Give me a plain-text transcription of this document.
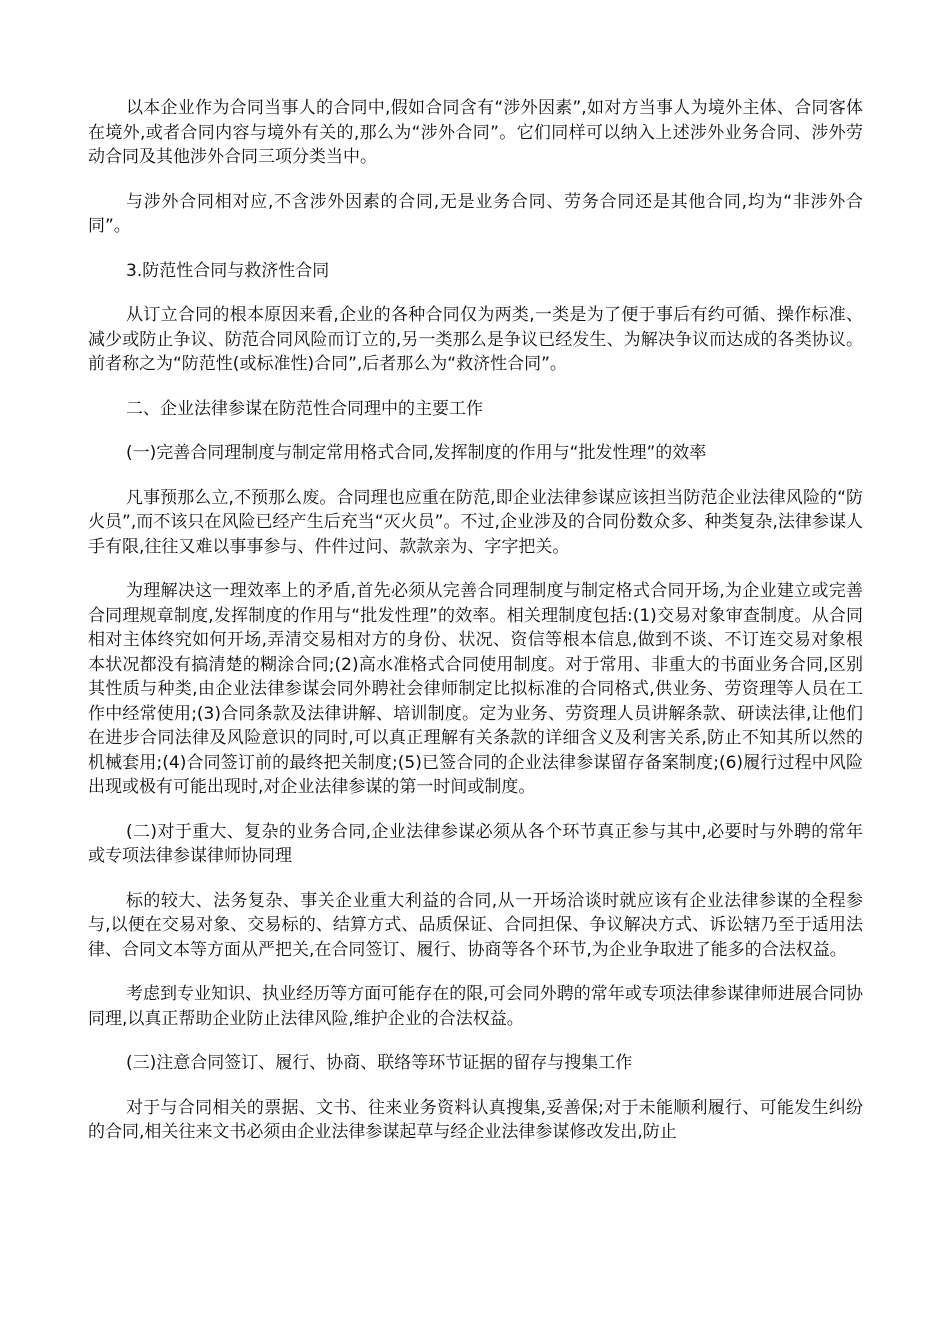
以本企业作为合同当事人的合同中,假如合同含有“涉外因素”,如对方当事人为境外主体、合同客体在境外,或者合同内容与境外有关的,那么为“涉外合同”。它们同样可以纳入上述涉外业务合同、涉外劳动合同及其他涉外合同三项分类当中。

与涉外合同相对应,不含涉外因素的合同,无是业务合同、劳务合同还是其他合同,均为“非涉外合同”。

3.防范性合同与救济性合同

从订立合同的根本原因来看,企业的各种合同仅为两类,一类是为了便于事后有约可循、操作标准、减少或防止争议、防范合同风险而订立的,另一类那么是争议已经发生、为解决争议而达成的各类协议。前者称之为“防范性(或标准性)合同”,后者那么为“救济性合同”。

二、企业法律参谋在防范性合同理中的主要工作

(一)完善合同理制度与制定常用格式合同,发挥制度的作用与“批发性理”的效率

凡事预那么立,不预那么废。合同理也应重在防范,即企业法律参谋应该担当防范企业法律风险的“防火员”,而不该只在风险已经产生后充当“灭火员”。不过,企业涉及的合同份数众多、种类复杂,法律参谋人手有限,往往又难以事事参与、件件过问、款款亲为、字字把关。

为理解决这一理效率上的矛盾,首先必须从完善合同理制度与制定格式合同开场,为企业建立或完善合同理规章制度,发挥制度的作用与“批发性理”的效率。相关理制度包括:(1)交易对象审查制度。从合同相对主体终究如何开场,弄清交易相对方的身份、状况、资信等根本信息,做到不谈、不订连交易对象根本状况都没有搞清楚的糊涂合同;(2)高水准格式合同使用制度。对于常用、非重大的书面业务合同,区别其性质与种类,由企业法律参谋会同外聘社会律师制定比拟标准的合同格式,供业务、劳资理等人员在工作中经常使用;(3)合同条款及法律讲解、培训制度。定为业务、劳资理人员讲解条款、研读法律,让他们在进步合同法律及风险意识的同时,可以真正理解有关条款的详细含义及利害关系,防止不知其所以然的机械套用;(4)合同签订前的最终把关制度;(5)已签合同的企业法律参谋留存备案制度;(6)履行过程中风险出现或极有可能出现时,对企业法律参谋的第一时间或制度。

(二)对于重大、复杂的业务合同,企业法律参谋必须从各个环节真正参与其中,必要时与外聘的常年或专项法律参谋律师协同理

标的较大、法务复杂、事关企业重大利益的合同,从一开场洽谈时就应该有企业法律参谋的全程参与,以便在交易对象、交易标的、结算方式、品质保证、合同担保、争议解决方式、诉讼辖乃至于适用法律、合同文本等方面从严把关,在合同签订、履行、协商等各个环节,为企业争取进了能多的合法权益。

考虑到专业知识、执业经历等方面可能存在的限,可会同外聘的常年或专项法律参谋律师进展合同协同理,以真正帮助企业防止法律风险,维护企业的合法权益。

(三)注意合同签订、履行、协商、联络等环节证据的留存与搜集工作

对于与合同相关的票据、文书、往来业务资料认真搜集,妥善保;对于未能顺利履行、可能发生纠纷的合同,相关往来文书必须由企业法律参谋起草与经企业法律参谋修改发出,防止
